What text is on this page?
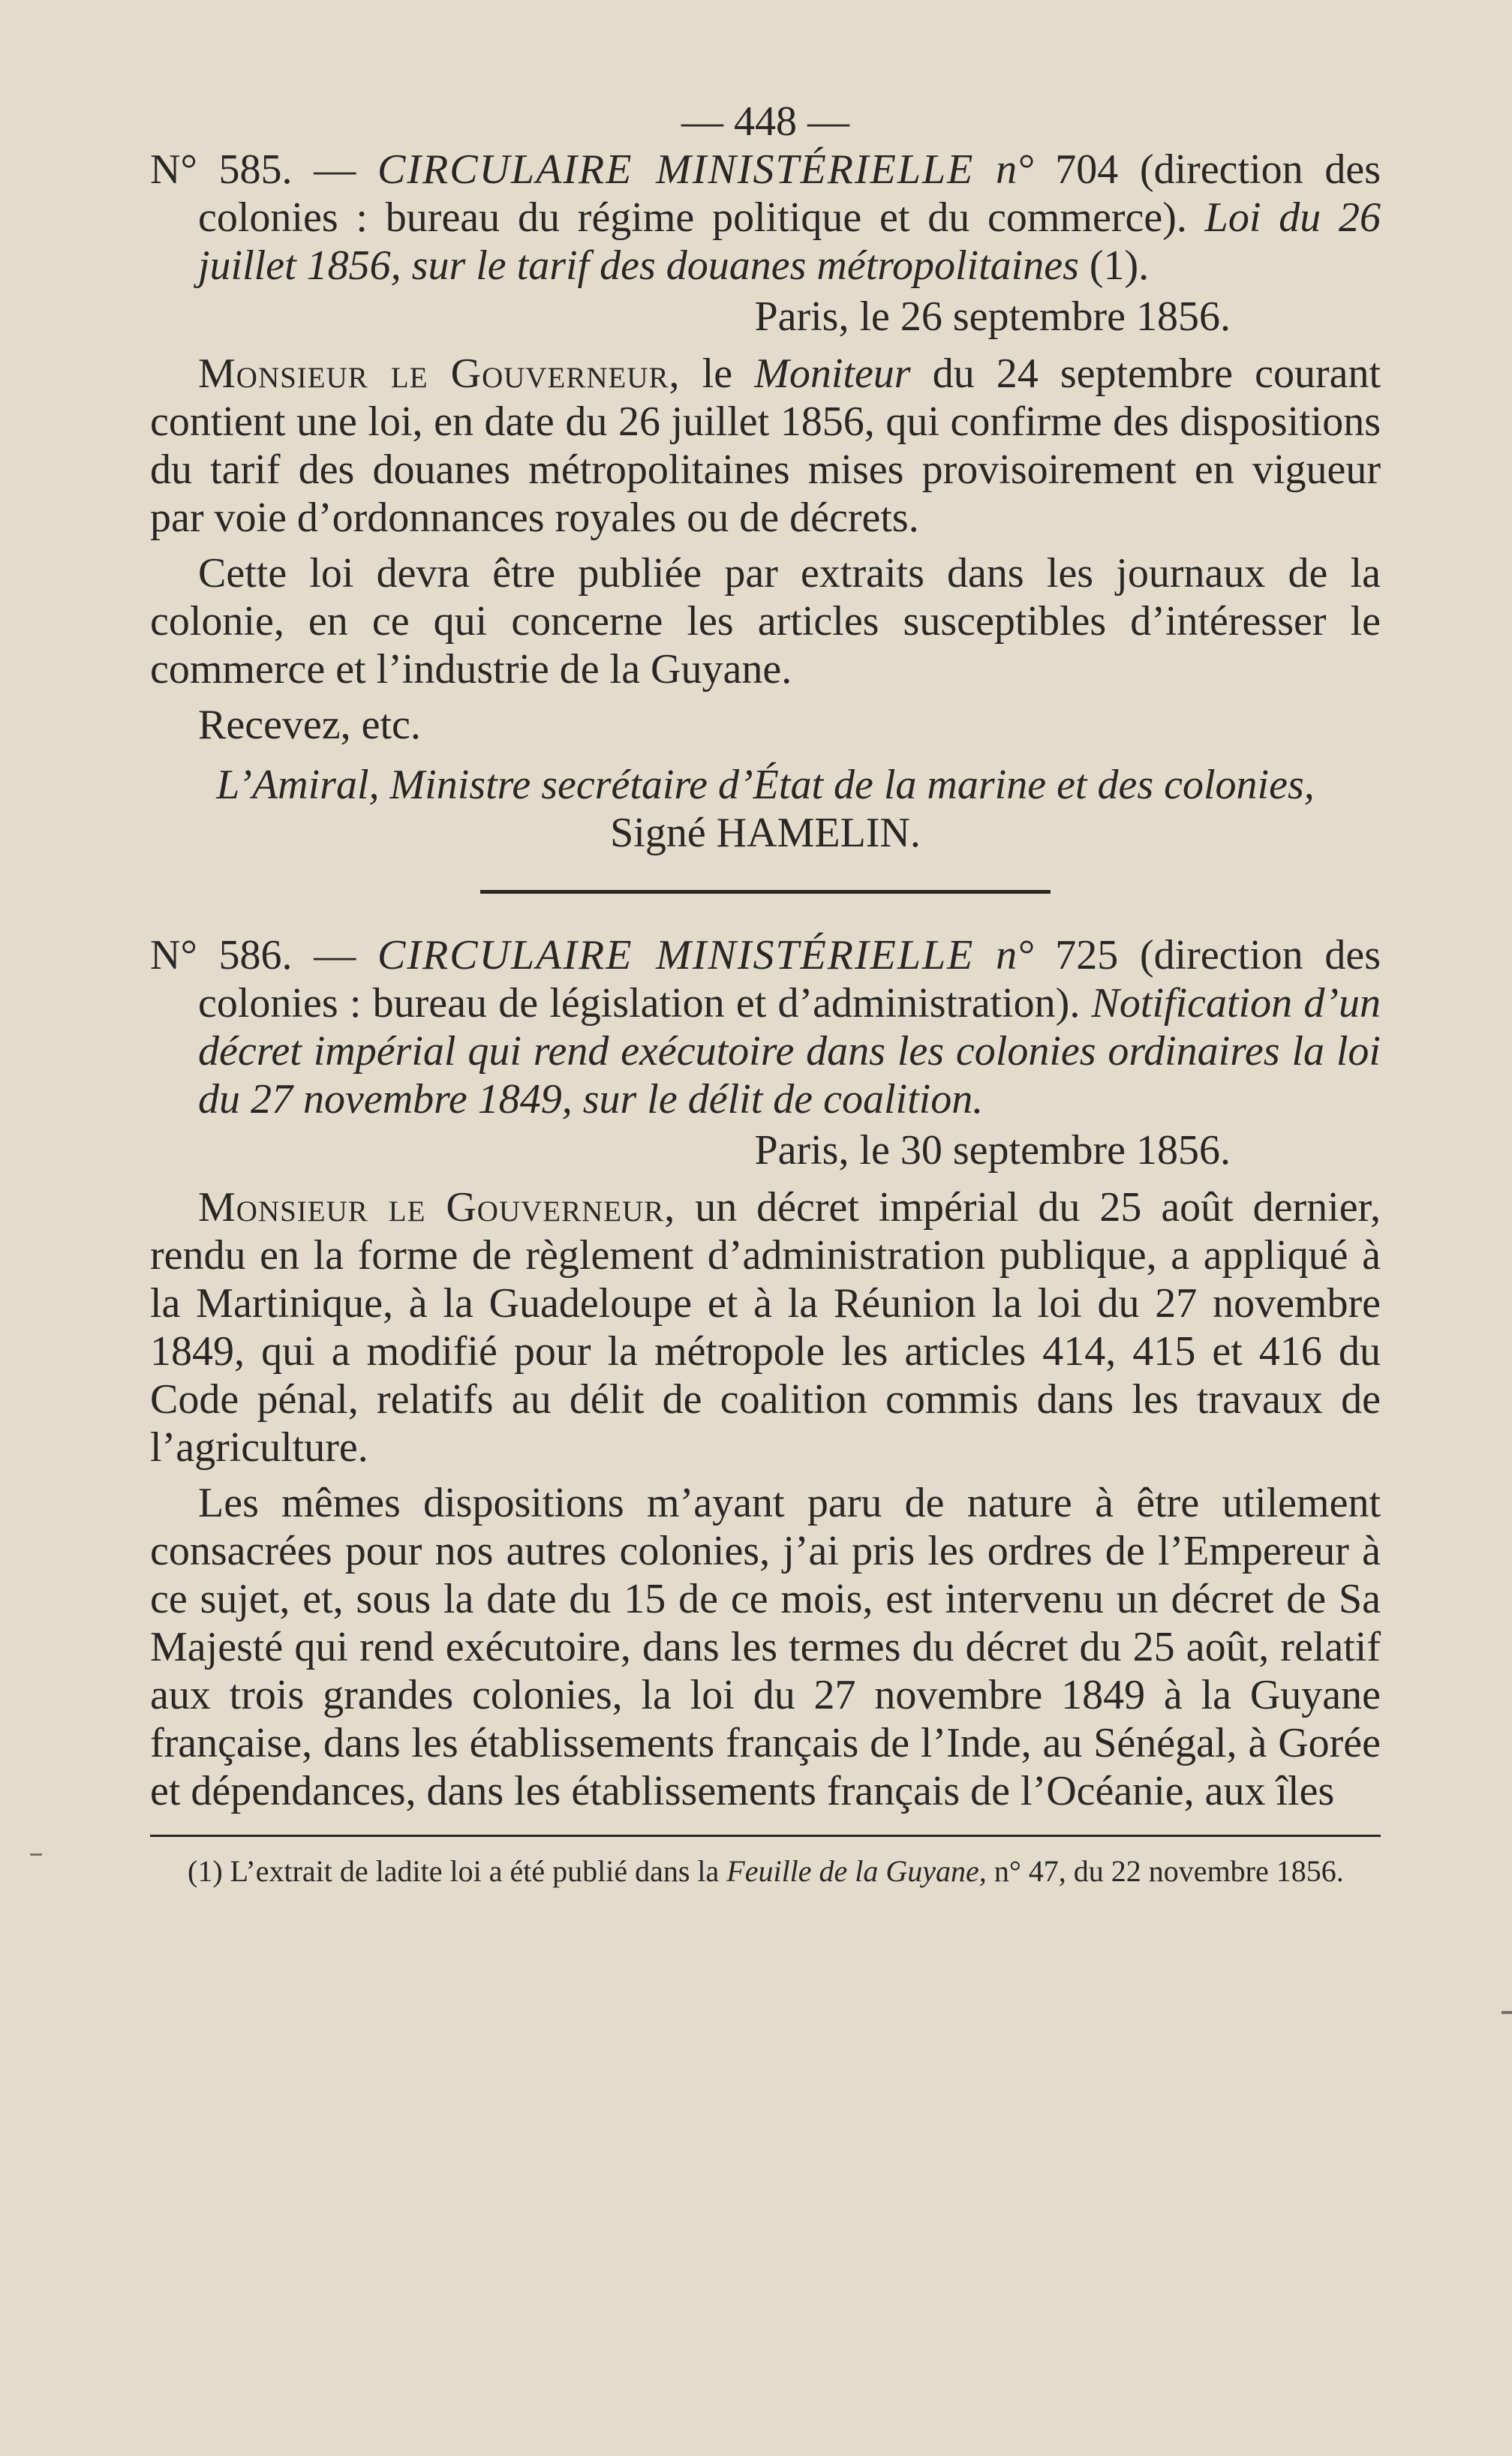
— 448 —

N° 585. — CIRCULAIRE MINISTÉRIELLE n° 704 (direction des colonies : bureau du régime politique et du commerce). Loi du 26 juillet 1856, sur le tarif des douanes métropolitaines (1).

Paris, le 26 septembre 1856.

Monsieur le Gouverneur, le Moniteur du 24 septembre courant contient une loi, en date du 26 juillet 1856, qui confirme des dispositions du tarif des douanes métropolitaines mises provisoirement en vigueur par voie d’ordonnances royales ou de décrets.

Cette loi devra être publiée par extraits dans les journaux de la colonie, en ce qui concerne les articles susceptibles d’intéresser le commerce et l’industrie de la Guyane.

Recevez, etc.

L’Amiral, Ministre secrétaire d’État de la marine et des colonies,

Signé HAMELIN.

N° 586. — CIRCULAIRE MINISTÉRIELLE n° 725 (direction des colonies : bureau de législation et d’administration). Notification d’un décret impérial qui rend exécutoire dans les colonies ordinaires la loi du 27 novembre 1849, sur le délit de coalition.

Paris, le 30 septembre 1856.

Monsieur le Gouverneur, un décret impérial du 25 août dernier, rendu en la forme de règlement d’administration publique, a appliqué à la Martinique, à la Guadeloupe et à la Réunion la loi du 27 novembre 1849, qui a modifié pour la métropole les articles 414, 415 et 416 du Code pénal, relatifs au délit de coalition commis dans les travaux de l’agriculture.

Les mêmes dispositions m’ayant paru de nature à être utilement consacrées pour nos autres colonies, j’ai pris les ordres de l’Empereur à ce sujet, et, sous la date du 15 de ce mois, est intervenu un décret de Sa Majesté qui rend exécutoire, dans les termes du décret du 25 août, relatif aux trois grandes colonies, la loi du 27 novembre 1849 à la Guyane française, dans les établissements français de l’Inde, au Sénégal, à Gorée et dépendances, dans les établissements français de l’Océanie, aux îles

(1) L’extrait de ladite loi a été publié dans la Feuille de la Guyane, n° 47, du 22 novembre 1856.
